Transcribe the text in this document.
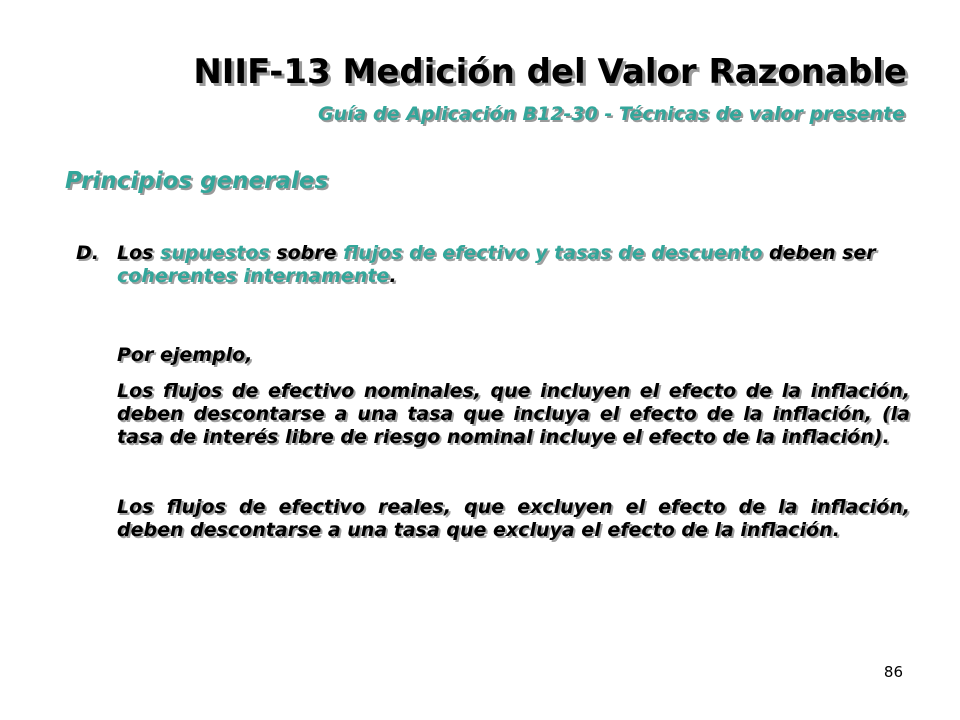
NIIF-13 Medición del Valor Razonable
Guía de Aplicación B12-30 - Técnicas de valor presente
Principios generales
D. Los supuestos sobre flujos de efectivo y tasas de descuento deben ser coherentes internamente.
Por ejemplo,
Los flujos de efectivo nominales, que incluyen el efecto de la inflación, deben descontarse a una tasa que incluya el efecto de la inflación, (la tasa de interés libre de riesgo nominal incluye el efecto de la inflación).
Los flujos de efectivo reales, que excluyen el efecto de la inflación, deben descontarse a una tasa que excluya el efecto de la inflación.
86
